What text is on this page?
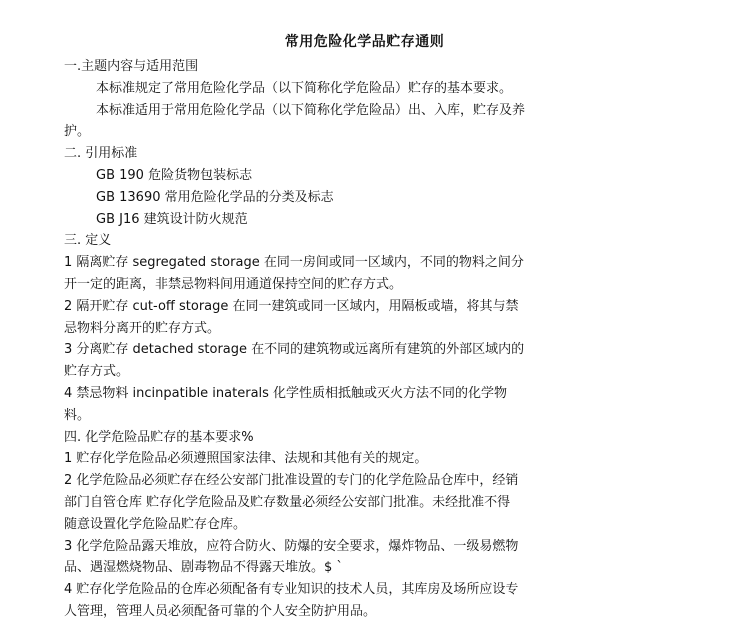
常用危险化学品贮存通则
一.主题内容与适用范围
本标准规定了常用危险化学品（以下简称化学危险品）贮存的基本要求。
本标准适用于常用危险化学品（以下简称化学危险品）出、入库，贮存及养
护。
二. 引用标准
GB 190 危险货物包装标志
GB 13690 常用危险化学品的分类及标志
GB J16 建筑设计防火规范
三. 定义
1 隔离贮存 segregated storage 在同一房间或同一区域内，不同的物料之间分
开一定的距离，非禁忌物料间用通道保持空间的贮存方式。
2 隔开贮存 cut-off storage 在同一建筑或同一区域内，用隔板或墙，将其与禁
忌物料分离开的贮存方式。
3 分离贮存 detached storage 在不同的建筑物或远离所有建筑的外部区域内的
贮存方式。
4 禁忌物料 incinpatible inaterals 化学性质相抵触或灭火方法不同的化学物
料。
四. 化学危险品贮存的基本要求%
1 贮存化学危险品必须遵照国家法律、法规和其他有关的规定。
2 化学危险品必须贮存在经公安部门批准设置的专门的化学危险品仓库中，经销
部门自管仓库 贮存化学危险品及贮存数量必须经公安部门批准。未经批准不得
随意设置化学危险品贮存仓库。
3 化学危险品露天堆放，应符合防火、防爆的安全要求，爆炸物品、一级易燃物
品、遇湿燃烧物品、剧毒物品不得露天堆放。$ `
4 贮存化学危险品的仓库必须配备有专业知识的技术人员，其库房及场所应设专
人管理，管理人员必须配备可靠的个人安全防护用品。
